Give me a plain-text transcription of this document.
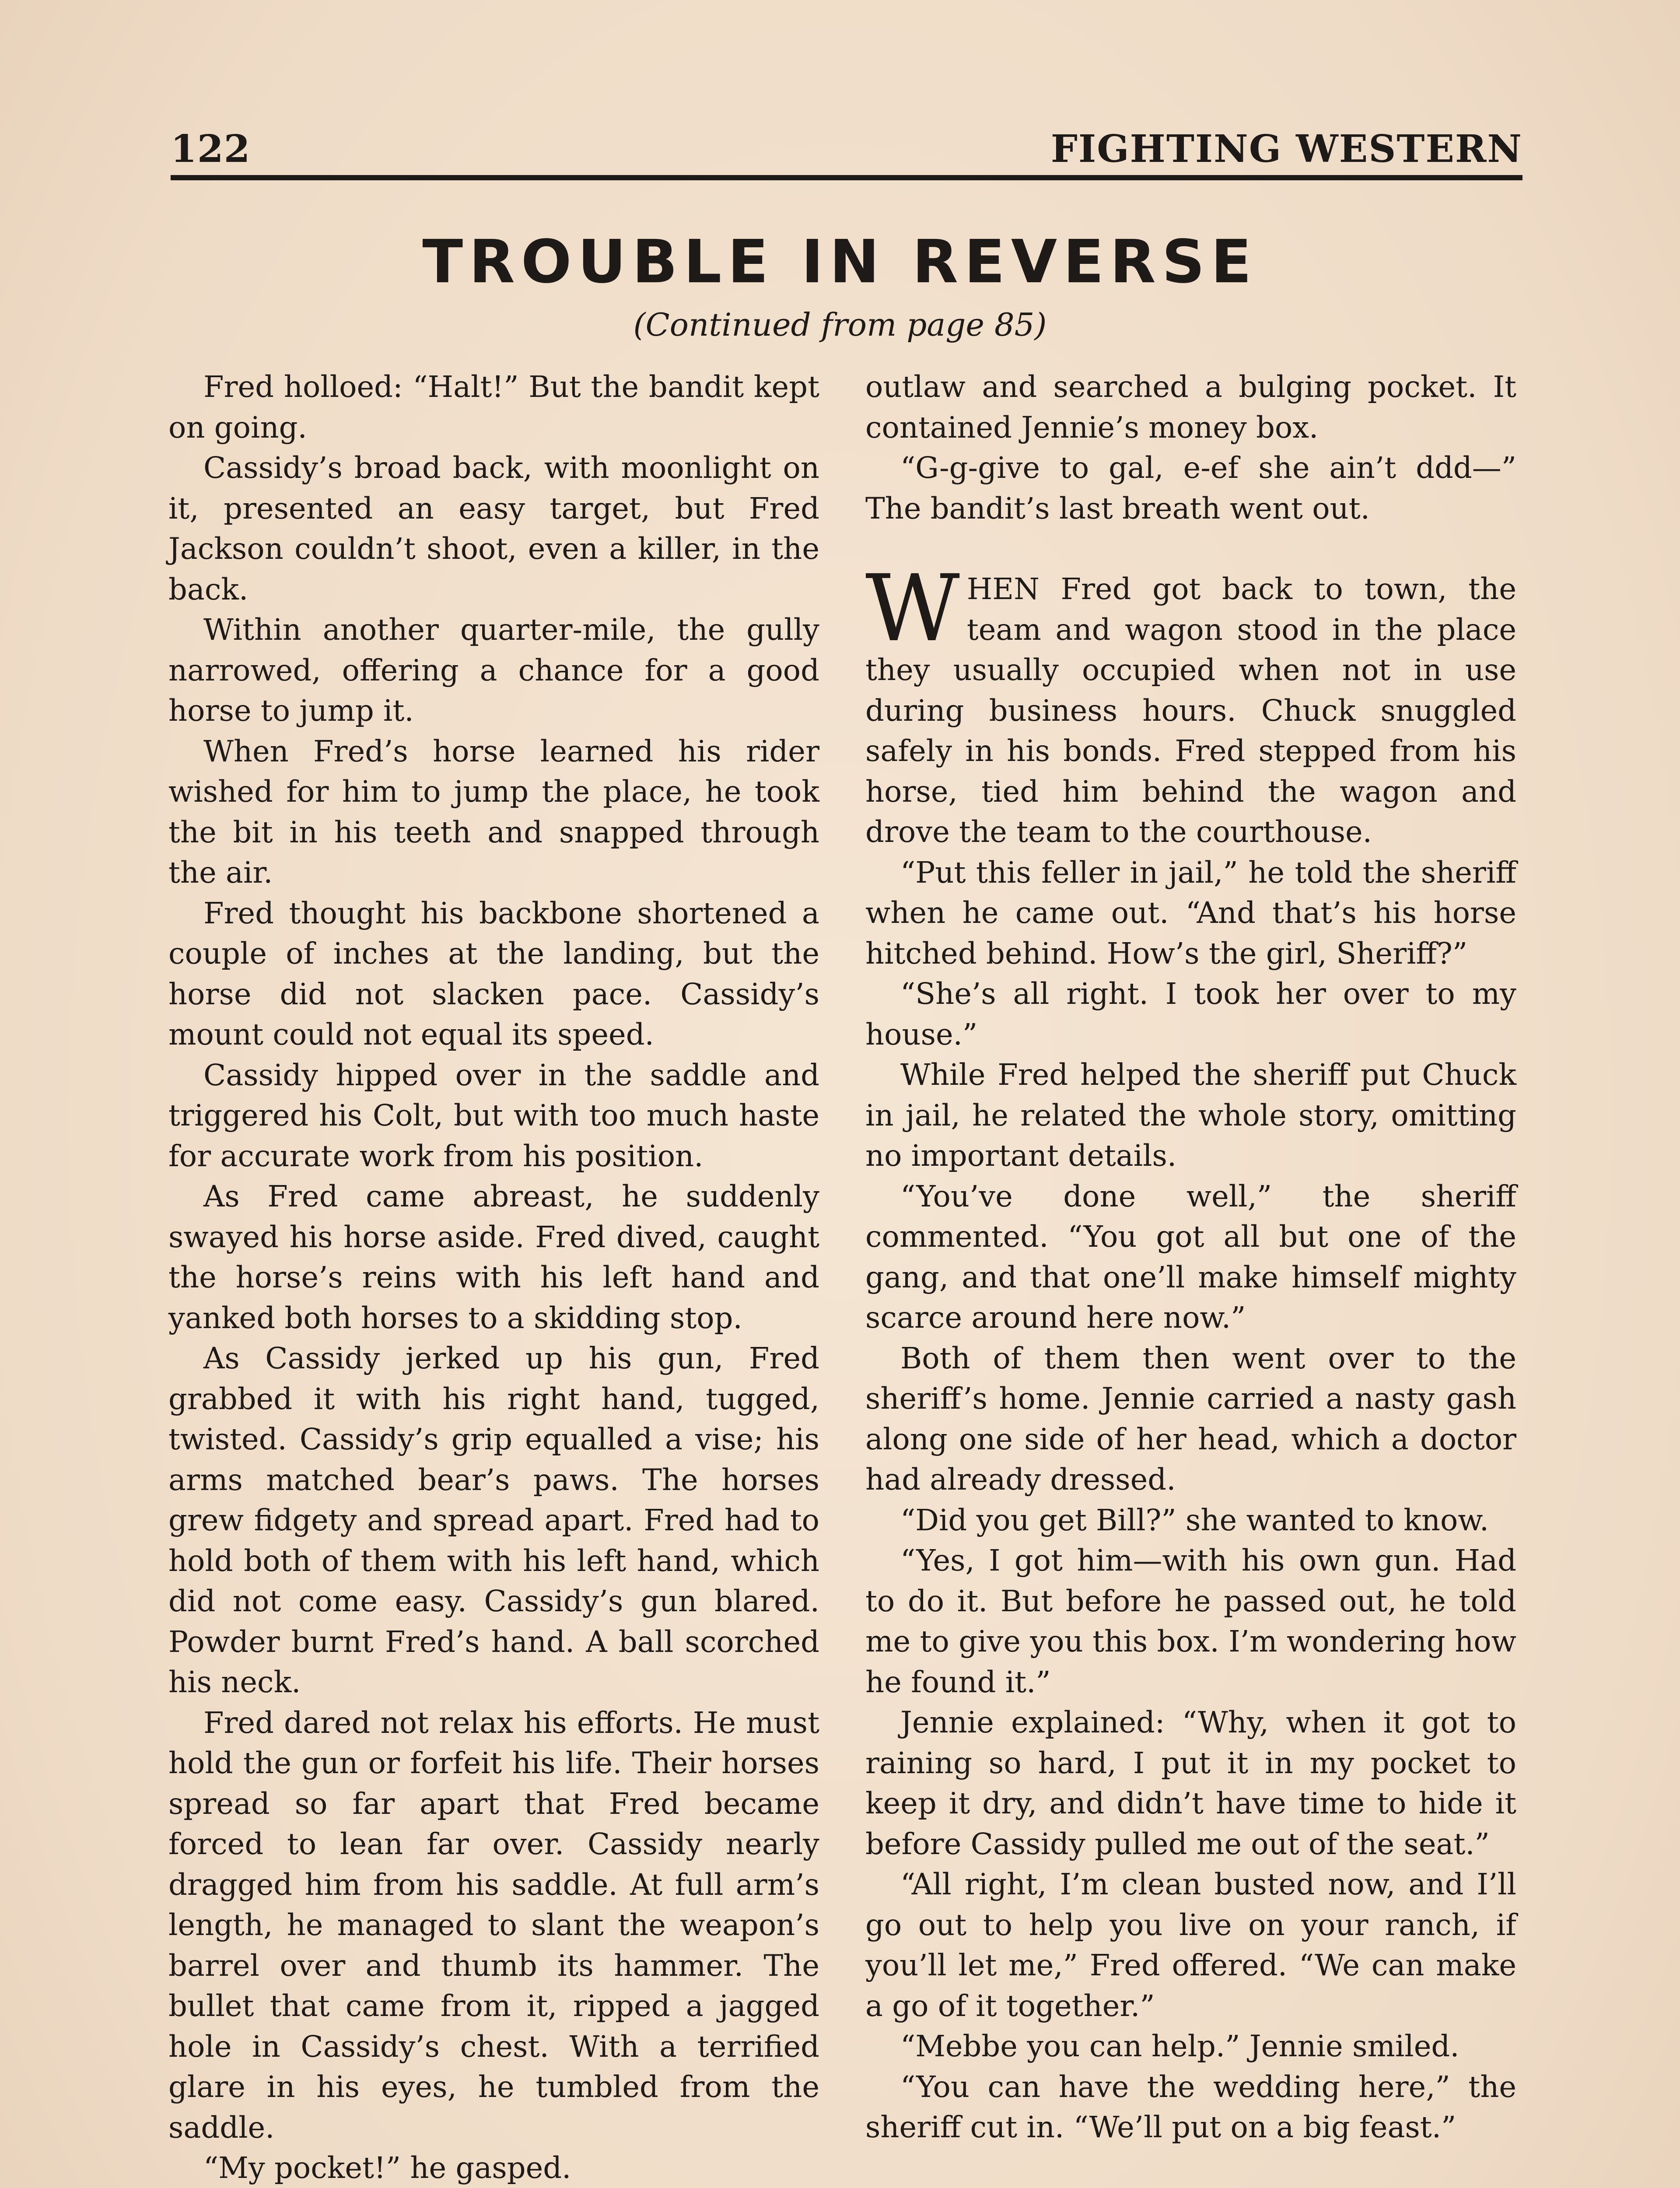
122	FIGHTING WESTERN
TROUBLE IN REVERSE
(Continued from page 85)

Fred holloed: “Halt!” But the bandit kept on going.

Cassidy’s broad back, with moonlight on it, presented an easy target, but Fred Jackson couldn’t shoot, even a killer, in the back.

Within another quarter-mile, the gully narrowed, offering a chance for a good horse to jump it.

When Fred’s horse learned his rider wished for him to jump the place, he took the bit in his teeth and snapped through the air.

Fred thought his backbone shortened a couple of inches at the landing, but the horse did not slacken pace. Cassidy’s mount could not equal its speed.

Cassidy hipped over in the saddle and triggered his Colt, but with too much haste for accurate work from his position.

As Fred came abreast, he suddenly swayed his horse aside. Fred dived, caught the horse’s reins with his left hand and yanked both horses to a skidding stop.

As Cassidy jerked up his gun, Fred grabbed it with his right hand, tugged, twisted. Cassidy’s grip equalled a vise; his arms matched bear’s paws. The horses grew fidgety and spread apart. Fred had to hold both of them with his left hand, which did not come easy. Cassidy’s gun blared. Powder burnt Fred’s hand. A ball scorched his neck.

Fred dared not relax his efforts. He must hold the gun or forfeit his life. Their horses spread so far apart that Fred became forced to lean far over. Cassidy nearly dragged him from his saddle. At full arm’s length, he managed to slant the weapon’s barrel over and thumb its hammer. The bullet that came from it, ripped a jagged hole in Cassidy’s chest. With a terrified glare in his eyes, he tumbled from the saddle.

“My pocket!” he gasped.

outlaw and searched a bulging pocket. It contained Jennie’s money box.

“G-g-give to gal, e-ef she ain’t ddd—” The bandit’s last breath went out.

WHEN Fred got back to town, the team and wagon stood in the place they usually occupied when not in use during business hours. Chuck snuggled safely in his bonds. Fred stepped from his horse, tied him behind the wagon and drove the team to the courthouse.

“Put this feller in jail,” he told the sheriff when he came out. “And that’s his horse hitched behind. How’s the girl, Sheriff?”

“She’s all right. I took her over to my house.”

While Fred helped the sheriff put Chuck in jail, he related the whole story, omitting no important details.

“You’ve done well,” the sheriff commented. “You got all but one of the gang, and that one’ll make himself mighty scarce around here now.”

Both of them then went over to the sheriff’s home. Jennie carried a nasty gash along one side of her head, which a doctor had already dressed.

“Did you get Bill?” she wanted to know.

“Yes, I got him—with his own gun. Had to do it. But before he passed out, he told me to give you this box. I’m wondering how he found it.”

Jennie explained: “Why, when it got to raining so hard, I put it in my pocket to keep it dry, and didn’t have time to hide it before Cassidy pulled me out of the seat.”

“All right, I’m clean busted now, and I’ll go out to help you live on your ranch, if you’ll let me,” Fred offered. “We can make a go of it together.”

“Mebbe you can help.” Jennie smiled.

“You can have the wedding here,” the sheriff cut in. “We’ll put on a big feast.”
